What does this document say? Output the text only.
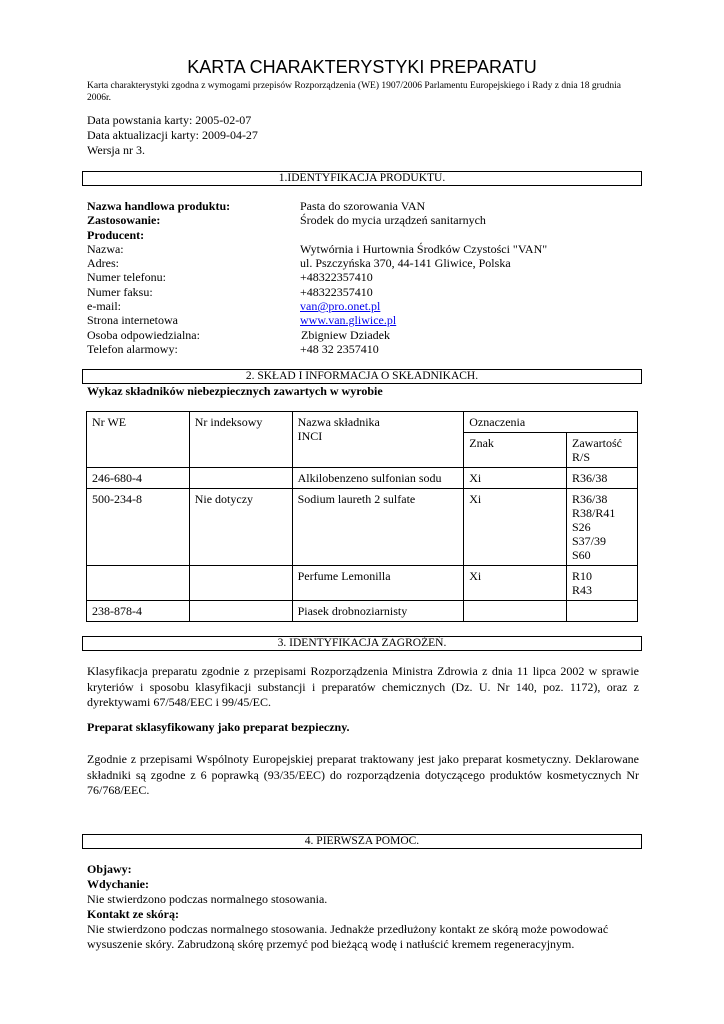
KARTA CHARAKTERYSTYKI PREPARATU
Karta charakterystyki zgodna z wymogami przepisów Rozporządzenia (WE) 1907/2006 Parlamentu Europejskiego i Rady z dnia 18 grudnia 2006r.
Data powstania karty: 2005-02-07
Data aktualizacji karty: 2009-04-27
Wersja nr 3.
1.IDENTYFIKACJA PRODUKTU.
Nazwa handlowa produktu:	Pasta do szorowania VAN
Zastosowanie:	Środek do mycia urządzeń sanitarnych
Producent:
Nazwa:	Wytwórnia i Hurtownia Środków Czystości "VAN"
Adres:	ul. Pszczyńska 370, 44-141 Gliwice, Polska
Numer telefonu:	+48322357410
Numer faksu:	+48322357410
e-mail:	van@pro.onet.pl
Strona internetowa	www.van.gliwice.pl
Osoba odpowiedzialna:	Zbigniew Dziadek
Telefon alarmowy:	+48 32 2357410
2. SKŁAD I INFORMACJA O SKŁADNIKACH.
Wykaz składników niebezpiecznych zawartych w wyrobie
Nr WE	Nr indeksowy	Nazwa składnika
INCI	Oznaczenia	
			Znak	Zawartość
R/S

246-680-4		Alkilobenzeno sulfonian sodu	Xi	R36/38

500-234-8	Nie dotyczy	Sodium laureth 2 sulfate	Xi	R36/38
R38/R41
S26
S37/39
S60

		Perfume Lemonilla	Xi	R10
R43

238-878-4		Piasek drobnoziarnisty		
3. IDENTYFIKACJA ZAGROŻEŃ.
Klasyfikacja preparatu zgodnie z przepisami Rozporządzenia Ministra Zdrowia z dnia 11 lipca 2002 w sprawie kryteriów i sposobu klasyfikacji substancji i preparatów chemicznych (Dz. U. Nr 140, poz. 1172), oraz z dyrektywami 67/548/EEC i 99/45/EC.
Preparat sklasyfikowany jako preparat bezpieczny.
Zgodnie z przepisami Wspólnoty Europejskiej preparat traktowany jest jako preparat kosmetyczny. Deklarowane składniki są zgodne z 6 poprawką (93/35/EEC) do rozporządzenia dotyczącego produktów kosmetycznych Nr 76/768/EEC.
4. PIERWSZA POMOC.
Objawy:
Wdychanie:
Nie stwierdzono podczas normalnego stosowania.
Kontakt ze skórą:
Nie stwierdzono podczas normalnego stosowania. Jednakże przedłużony kontakt ze skórą może powodować wysuszenie skóry. Zabrudzoną skórę przemyć pod bieżącą wodę i natłuścić kremem regeneracyjnym.
